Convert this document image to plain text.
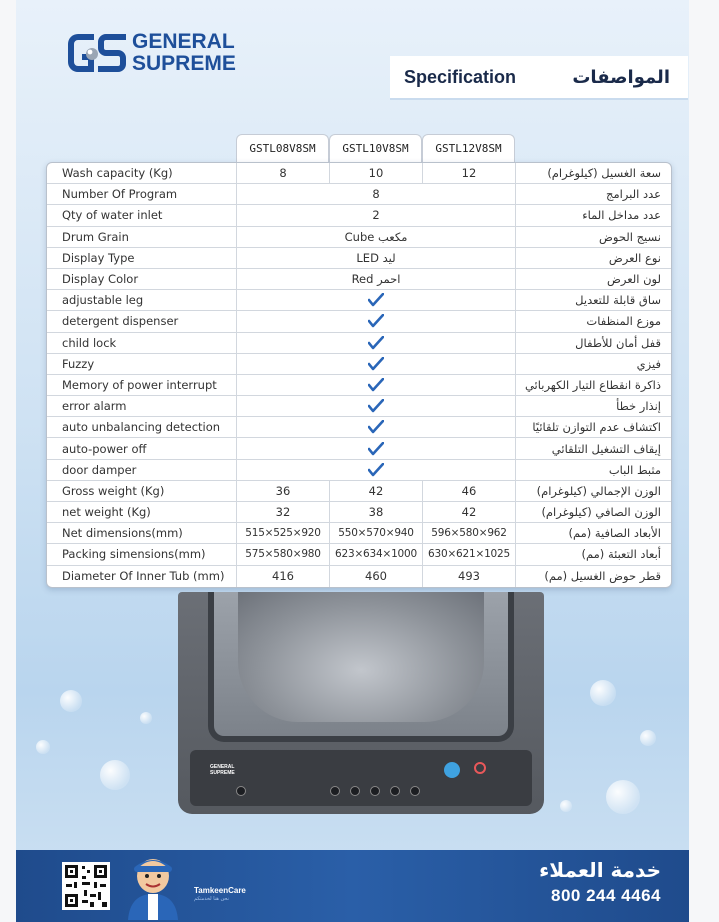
GENERAL
SUPREME
Specification	المواصفات
GSTL08V8SM	GSTL10V8SM	GSTL12V8SM
Wash capacity (Kg)	8	10	12	سعة الغسيل (كيلوغرام)
Number Of Program	8	عدد البرامج
Qty of water inlet	2	عدد مداخل الماء
Drum Grain	Cube مكعب	نسيج الحوض
Display Type	LED ليد	نوع العرض
Display Color	Red احمر	لون العرض
adjustable leg	ساق قابلة للتعديل
detergent dispenser	موزع المنظفات
child lock	قفل أمان للأطفال
Fuzzy	فيزي
Memory of power interrupt	ذاكرة انقطاع التيار الكهربائي
error alarm	إنذار خطأ
auto unbalancing detection	اكتشاف عدم التوازن تلقائيًا
auto-power off	إيقاف التشغيل التلقائي
door damper	مثبط الباب
Gross weight (Kg)	36	42	46	الوزن الإجمالي (كيلوغرام)
net weight (Kg)	32	38	42	الوزن الصافي (كيلوغرام)
Net dimensions(mm)	515×525×920	550×570×940	596×580×962	الأبعاد الصافية (مم)
Packing simensions(mm)	575×580×980	623×634×1000	630×621×1025	أبعاد التعبئة (مم)
Diameter Of Inner Tub (mm)	416	460	493	قطر حوض الغسيل (مم)
GENERAL
SUPREME
TamkeenCare
نحن هنا لخدمتكم
خدمة العملاء
800 244 4464
